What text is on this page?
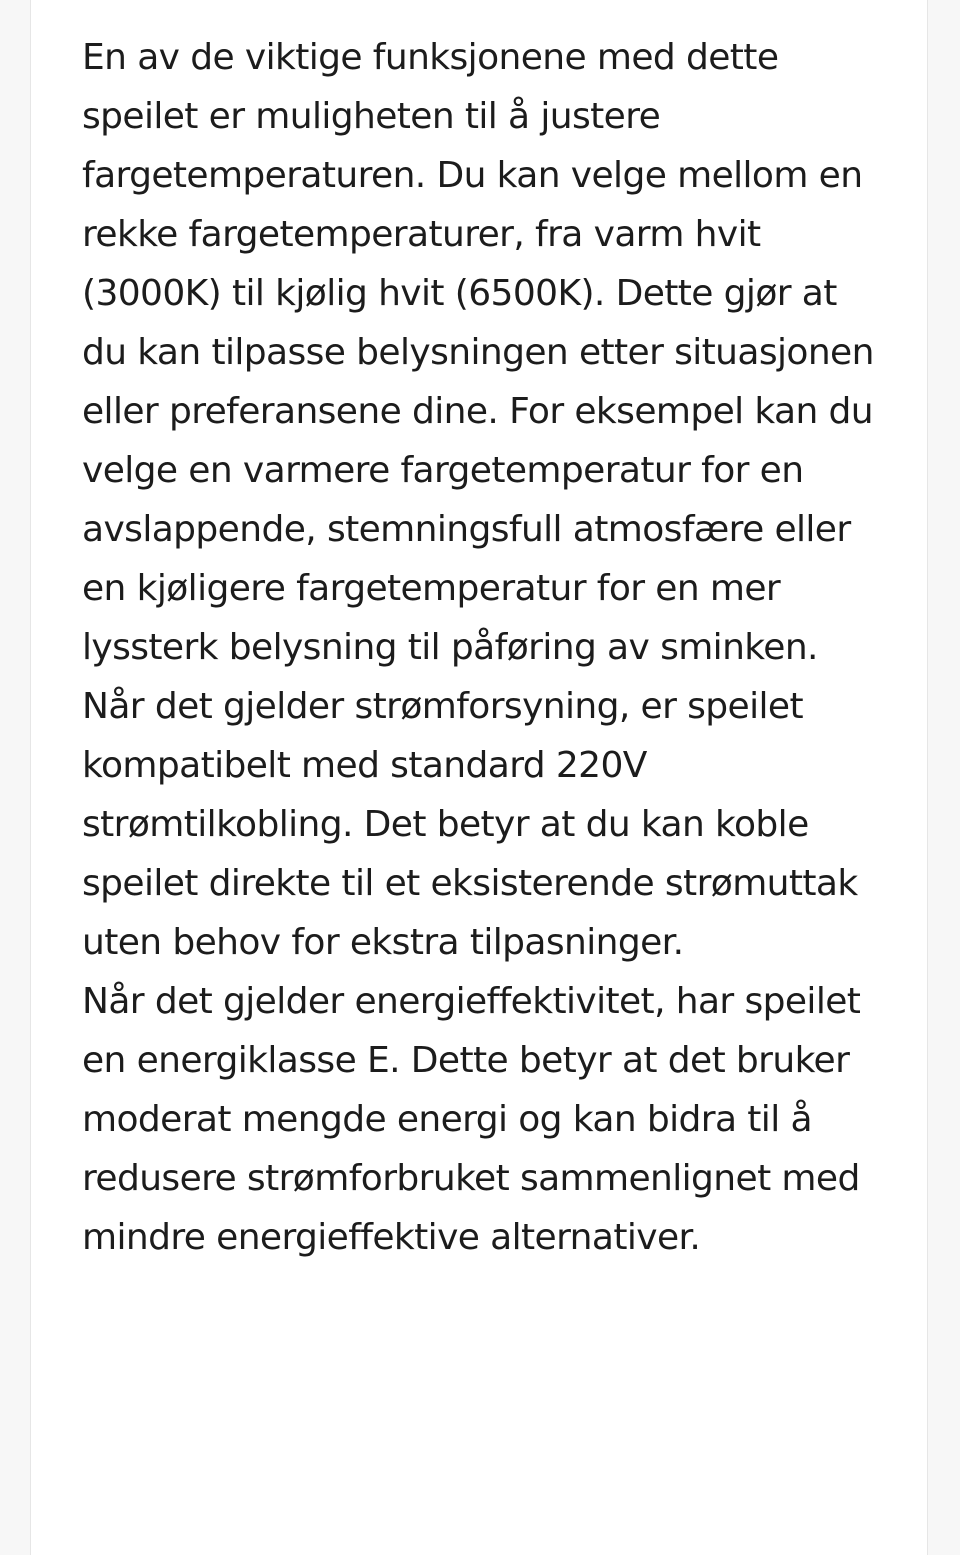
En av de viktige funksjonene med dette speilet er muligheten til å justere fargetemperaturen. Du kan velge mellom en rekke fargetemperaturer, fra varm hvit (3000K) til kjølig hvit (6500K). Dette gjør at du kan tilpasse belysningen etter situasjonen eller preferansene dine. For eksempel kan du velge en varmere fargetemperatur for en avslappende, stemningsfull atmosfære eller en kjøligere fargetemperatur for en mer lyssterk belysning til påføring av sminken.

Når det gjelder strømforsyning, er speilet kompatibelt med standard 220V strømtilkobling. Det betyr at du kan koble speilet direkte til et eksisterende strømuttak uten behov for ekstra tilpasninger.

Når det gjelder energieffektivitet, har speilet en energiklasse E. Dette betyr at det bruker moderat mengde energi og kan bidra til å redusere strømforbruket sammenlignet med mindre energieffektive alternativer.
